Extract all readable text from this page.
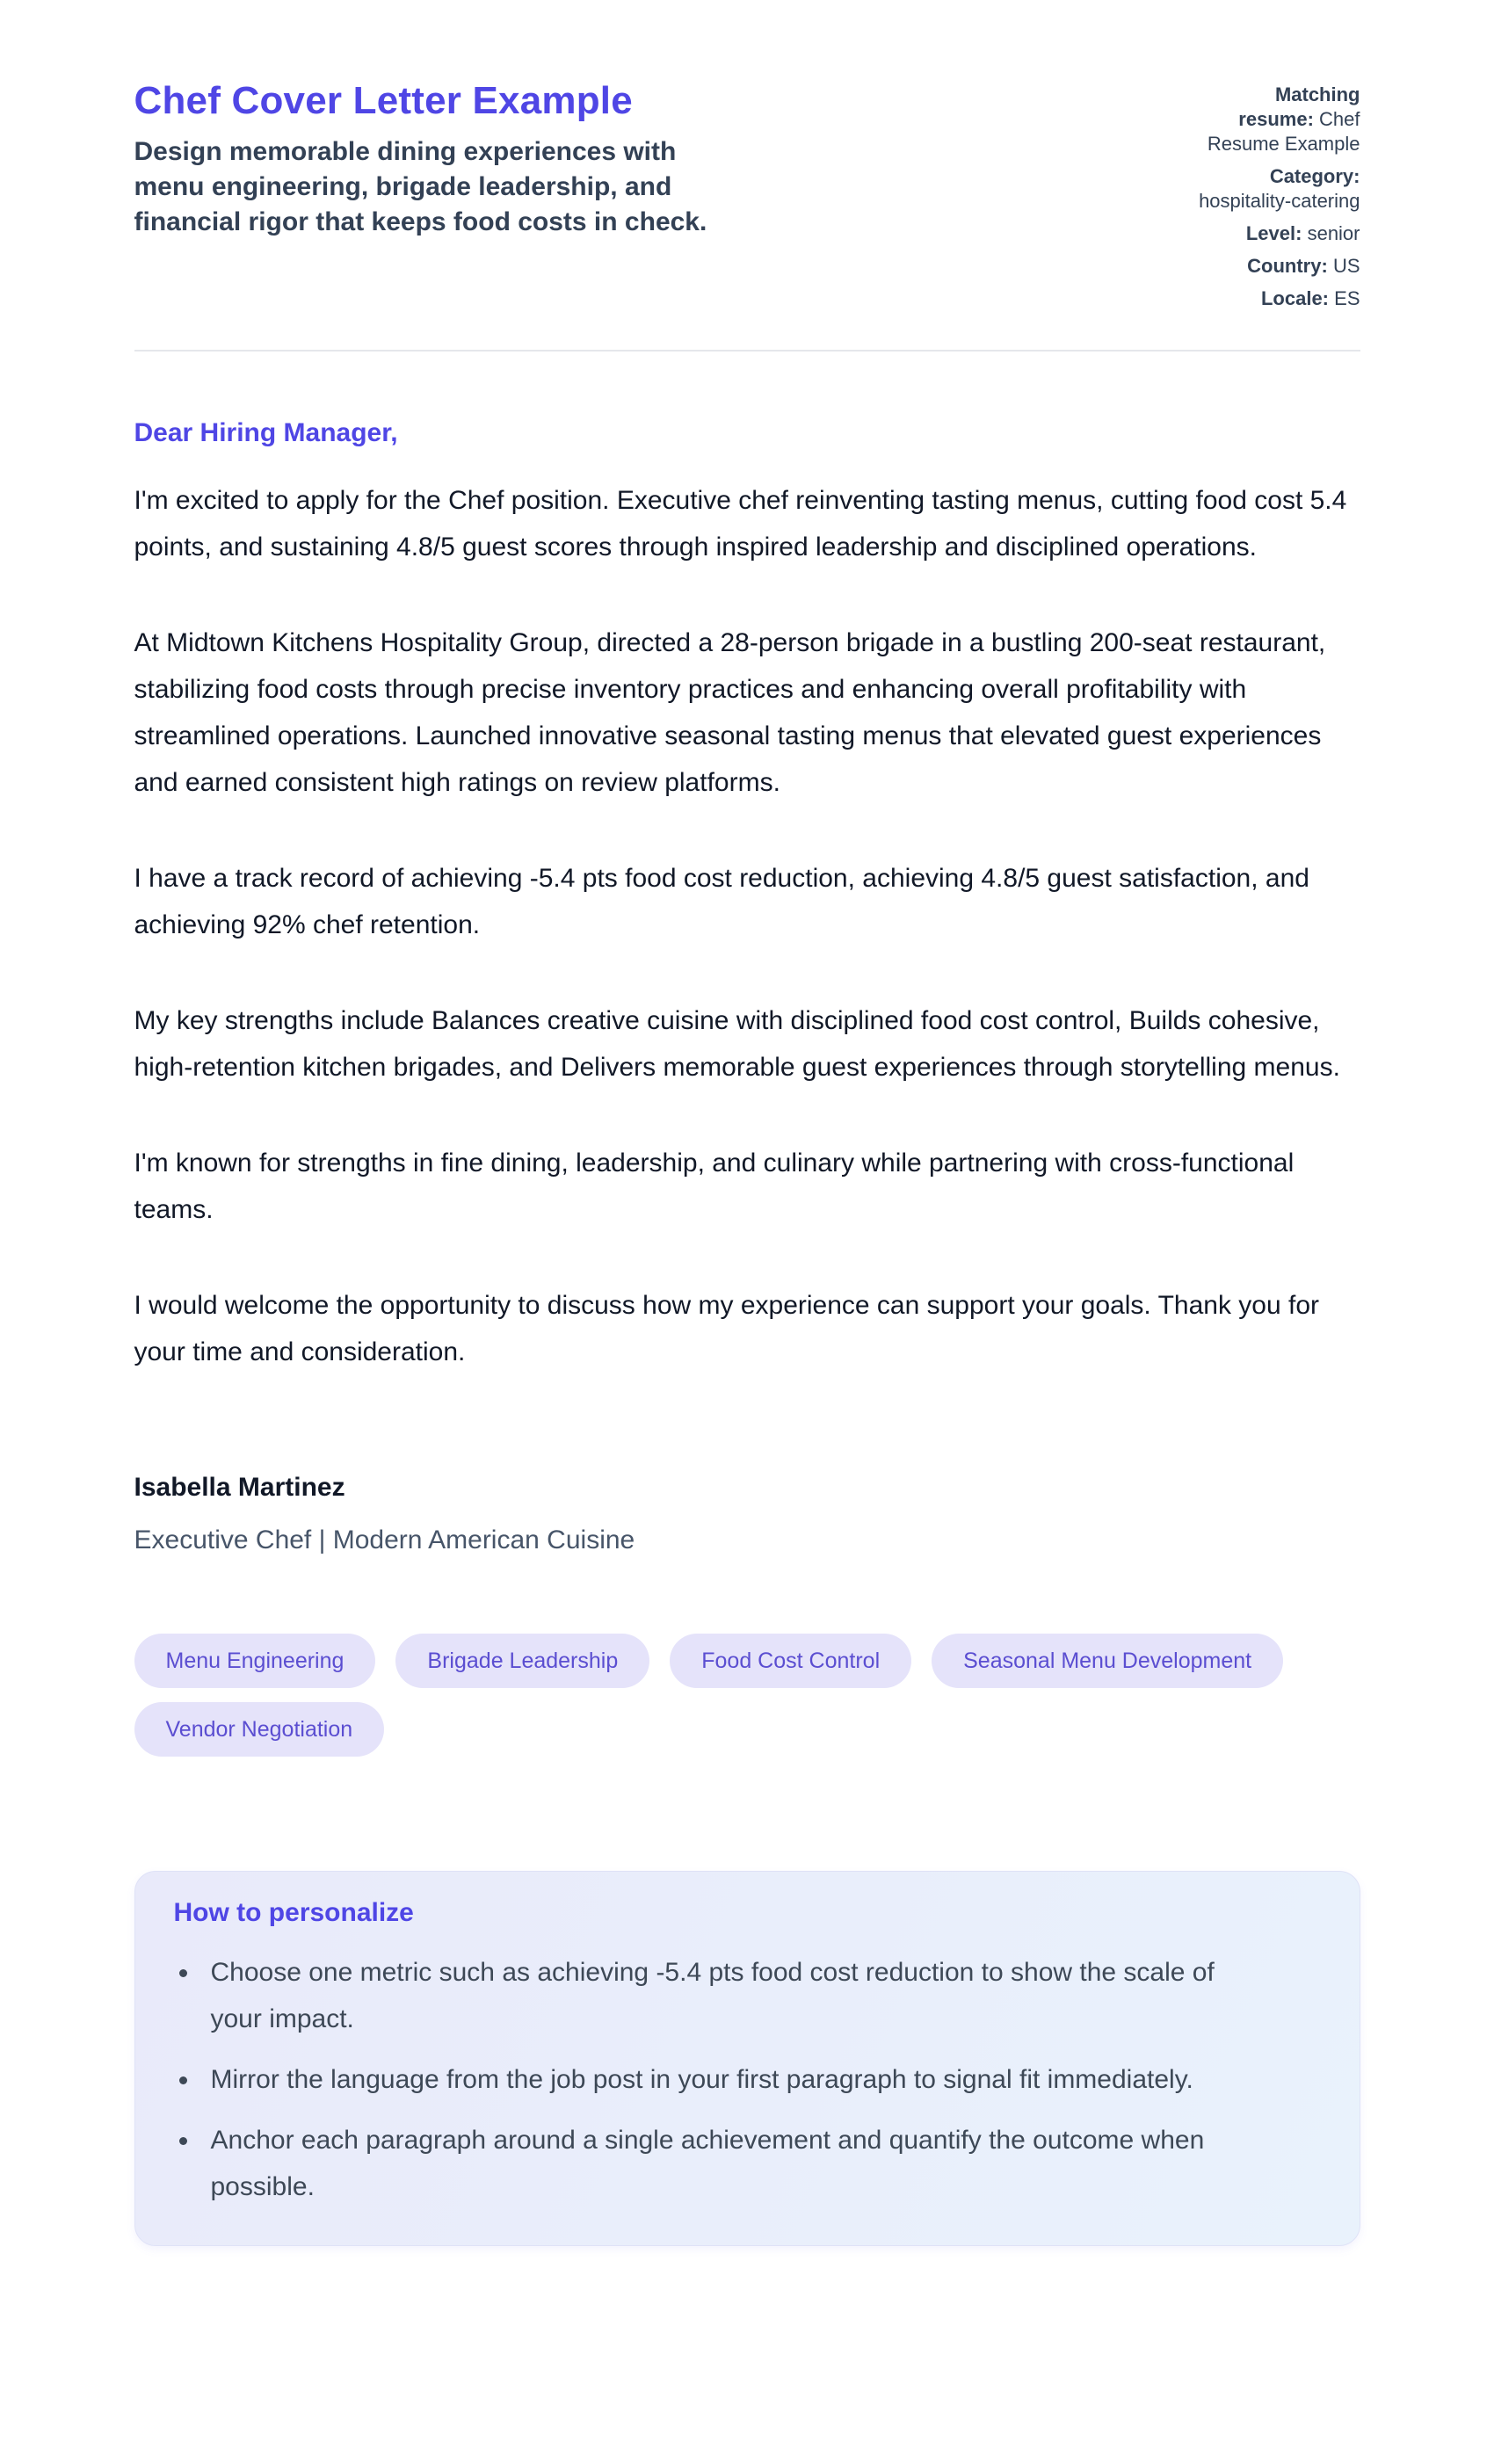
Chef Cover Letter Example
Design memorable dining experiences with menu engineering, brigade leadership, and financial rigor that keeps food costs in check.
Matching resume: Chef Resume Example
Category: hospitality-catering
Level: senior
Country: US
Locale: ES

Dear Hiring Manager,

I'm excited to apply for the Chef position. Executive chef reinventing tasting menus, cutting food cost 5.4 points, and sustaining 4.8/5 guest scores through inspired leadership and disciplined operations.

At Midtown Kitchens Hospitality Group, directed a 28-person brigade in a bustling 200-seat restaurant, stabilizing food costs through precise inventory practices and enhancing overall profitability with streamlined operations. Launched innovative seasonal tasting menus that elevated guest experiences and earned consistent high ratings on review platforms.

I have a track record of achieving -5.4 pts food cost reduction, achieving 4.8/5 guest satisfaction, and achieving 92% chef retention.

My key strengths include Balances creative cuisine with disciplined food cost control, Builds cohesive, high-retention kitchen brigades, and Delivers memorable guest experiences through storytelling menus.

I'm known for strengths in fine dining, leadership, and culinary while partnering with cross-functional teams.

I would welcome the opportunity to discuss how my experience can support your goals. Thank you for your time and consideration.

Isabella Martinez

Executive Chef | Modern American Cuisine

Menu Engineering	Brigade Leadership	Food Cost Control	Seasonal Menu Development
Vendor Negotiation
How to personalize
• Choose one metric such as achieving -5.4 pts food cost reduction to show the scale of your impact.
• Mirror the language from the job post in your first paragraph to signal fit immediately.
• Anchor each paragraph around a single achievement and quantify the outcome when possible.
